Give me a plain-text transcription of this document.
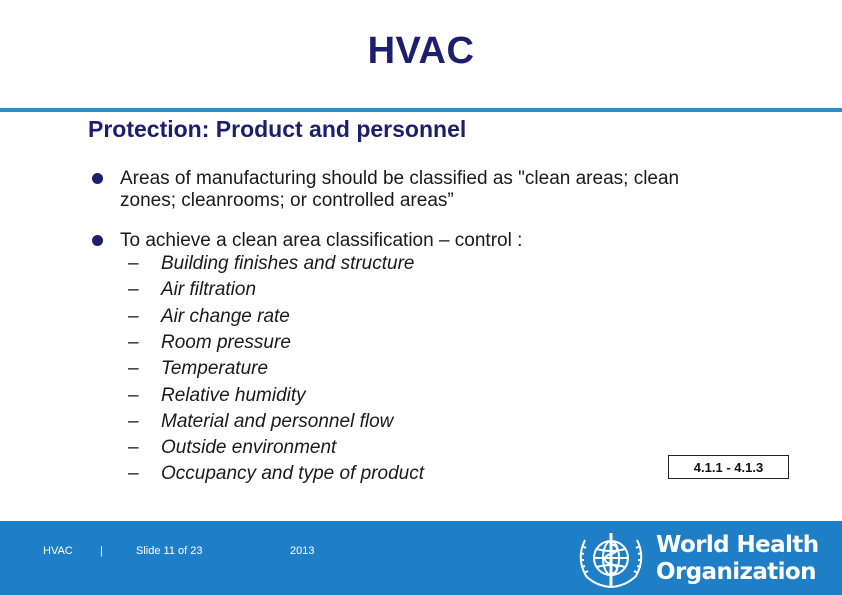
HVAC
Protection: Product and personnel
Areas of manufacturing should be classified as "clean areas; clean
zones; cleanrooms; or controlled areas”
To achieve a clean area classification – control :
– Building finishes and structure
– Air filtration
– Air change rate
– Room pressure
– Temperature
– Relative humidity
– Material and personnel flow
– Outside environment
– Occupancy and type of product	4.1.1 - 4.1.3
HVAC |	Slide 11 of 23	2013	World Health
Organization
